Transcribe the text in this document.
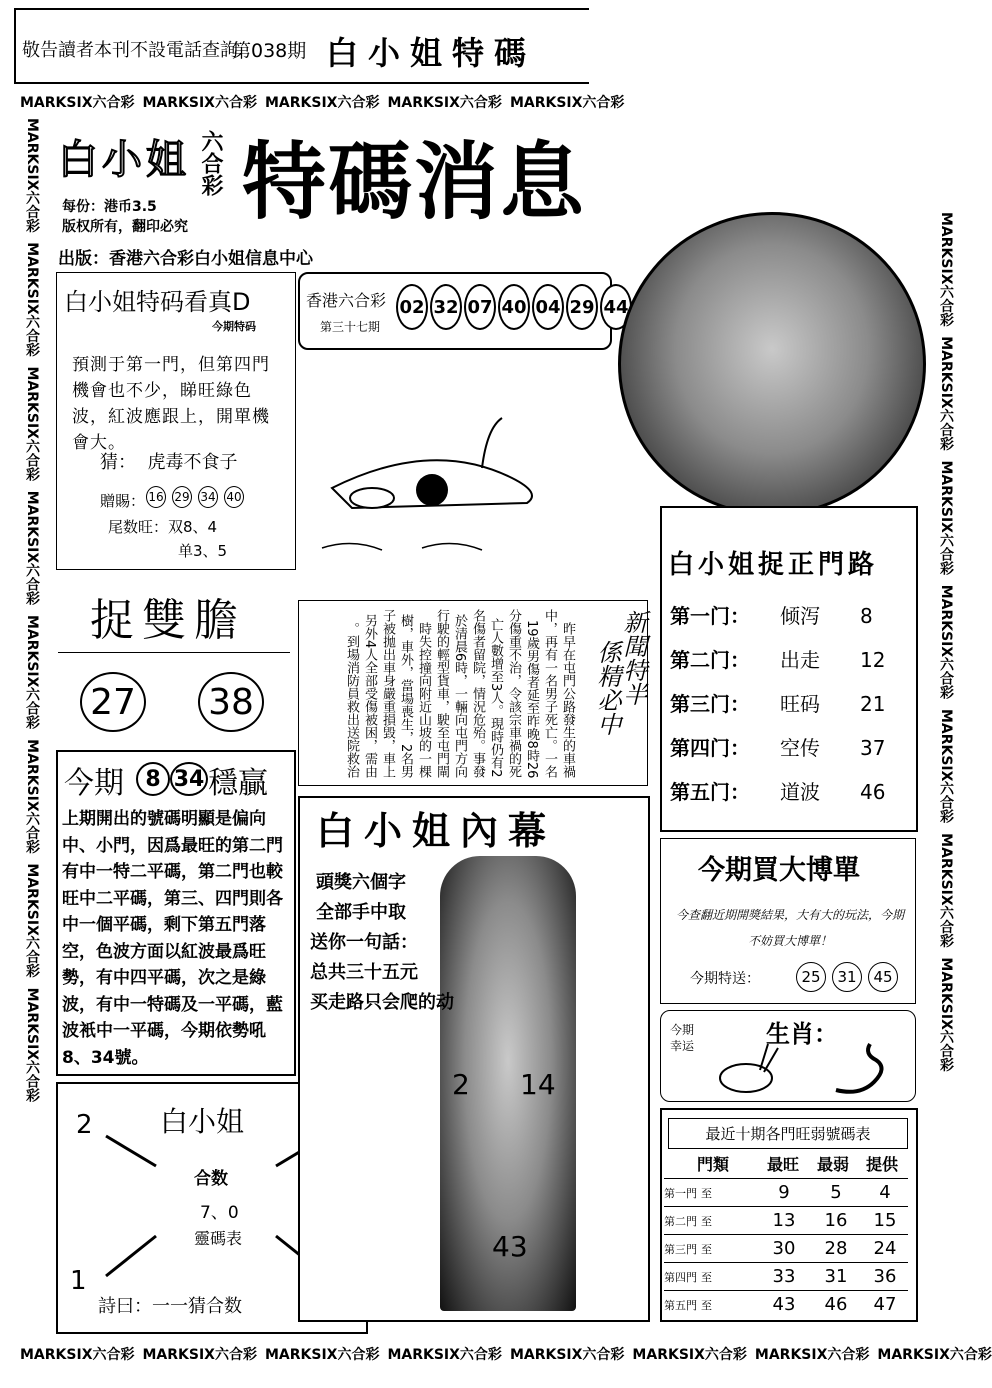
敬告讀者本刊不設電話查詢
第038期 白小姐特碼
MARKSIX六合彩 MARKSIX六合彩 MARKSIX六合彩 MARKSIX六合彩 MARKSIX六合彩
MARKSIX六合彩 MARKSIX六合彩 MARKSIX六合彩 MARKSIX六合彩 MARKSIX六合彩 MARKSIX六合彩 MARKSIX六合彩 MARKSIX六合彩
MARKSIX六合彩  MARKSIX六合彩  MARKSIX六合彩  MARKSIX六合彩  MARKSIX六合彩  MARKSIX六合彩  MARKSIX六合彩  MARKSIX六合彩
MARKSIX六合彩  MARKSIX六合彩  MARKSIX六合彩  MARKSIX六合彩  MARKSIX六合彩  MARKSIX六合彩  MARKSIX六合彩
白小姐 六合彩
每份：港币3.5
版权所有，翻印必究 特碼消息
出版：香港六合彩白小姐信息中心
香港六合彩
第三十七期
02 32 07 40 04 29 44
白小姐特码看真D
今期特码
預測于第一門，但第四門機會也不少，睇旺綠色波，紅波應跟上，開單機會大。
猜：  虎毒不食子
贈賜： 16 29 34 40
尾数旺：双8、4
单3、5
捉雙膽
27 38
今期 8 34 穩贏
上期開出的號碼明顯是偏向中、小門，因爲最旺的第二門有中一特二平碼，第二門也較旺中二平碼，第三、四門則各中一個平碼，剩下第五門落空，色波方面以紅波最爲旺勢，有中四平碼，次之是綠波，有中一特碼及一平碼，藍波衹中一平碼，今期依勢吼8、34號。
白小姐
2
1
合数
7、0
靈碼表
詩曰：一一猜合数
昨早在屯門公路發生的車禍中，再有一名男子死亡。一名19歲男傷者延至昨晚8時26分傷重不治，令該宗車禍的死亡人數增至3人。現時仍有2名傷者留院，情況危殆。事發於清晨6時，一輛向屯門方向行駛的輕型貨車，駛至屯門閘時失控撞向附近山坡的一棵樹，車外，當場喪生，2名男子被拋出車身嚴重損毀，車上另外4人全部受傷被困，需由到場消防員救出送院救治。	新聞特半
係精必中
白小姐內幕
頭獎六個字
全部手中取
送你一句話：
总共三十五元
买走路只会爬的动
2 14
43
白小姐捉正門路
第一门：	倾泻	8
第二门：	出走	12
第三门：	旺码	21
第四门：	空传	37
第五门：	道波	46
今期買大博單
今查翻近期開獎結果，大有大的玩法，今期不妨買大博單！
今期特送：	25	31	45
今期幸运	生肖：
最近十期各門旺弱號碼表
門類	最旺	最弱	提供
第一門 至	9	5	4
第二門 至	13	16	15
第三門 至	30	28	24
第四門 至	33	31	36
第五門 至	43	46	47
